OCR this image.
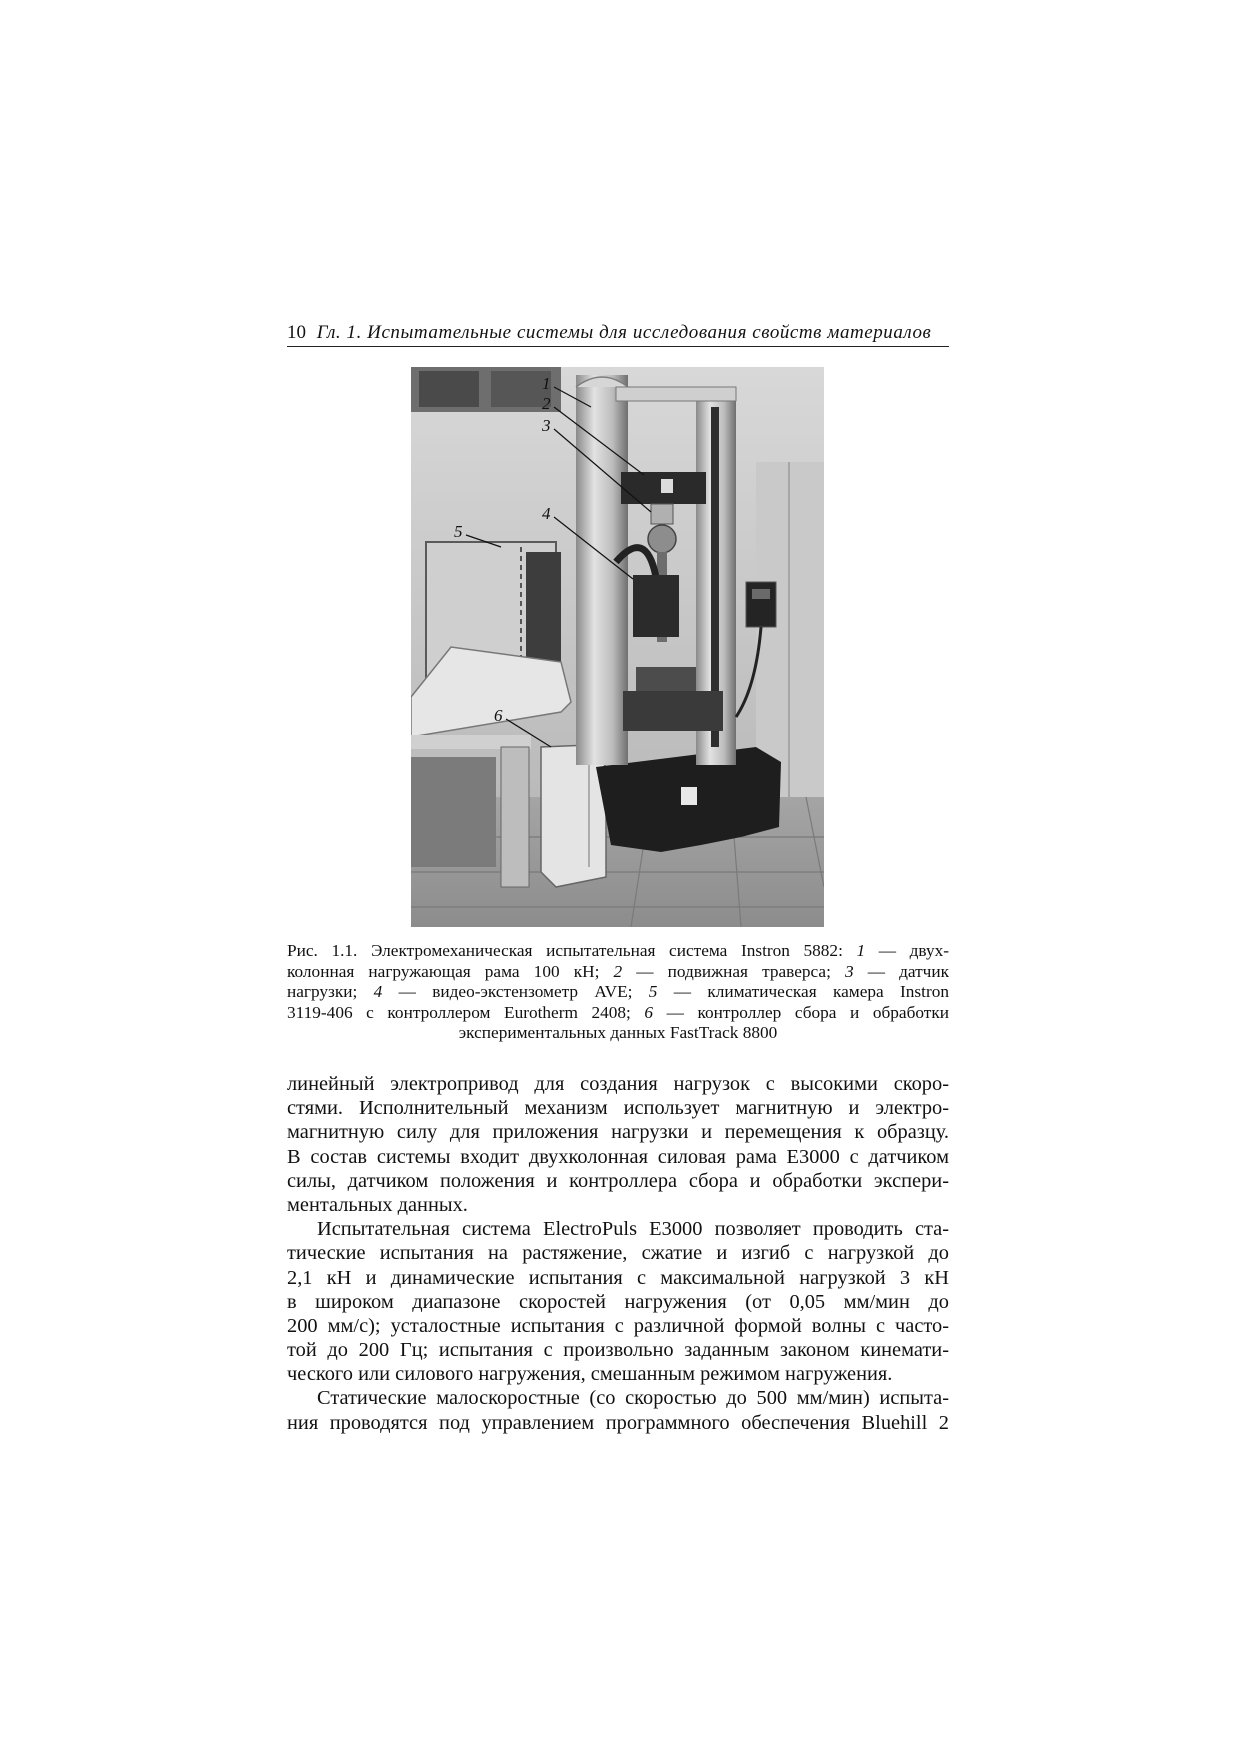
10 Гл. 1. Испытательные системы для исследования свойств материалов
1
2
3
4
5
6
Рис. 1.1. Электромеханическая испытательная система Instron 5882: 1 — двух-
колонная нагружающая рама 100 кН; 2 — подвижная траверса; 3 — датчик
нагрузки; 4 — видео-экстензометр AVE; 5 — климатическая камера Instron
3119-406 с контроллером Eurotherm 2408; 6 — контроллер сбора и обработки
экспериментальных данных FastTrack 8800
линейный электропривод для создания нагрузок с высокими скоро-
стями. Исполнительный механизм использует магнитную и электро-
магнитную силу для приложения нагрузки и перемещения к образцу.
В состав системы входит двухколонная силовая рама Е3000 с датчиком
силы, датчиком положения и контроллера сбора и обработки экспери-
ментальных данных.
Испытательная система ElectroPuls E3000 позволяет проводить ста-
тические испытания на растяжение, сжатие и изгиб с нагрузкой до
2,1 кН и динамические испытания с максимальной нагрузкой 3 кН
в широком диапазоне скоростей нагружения (от 0,05 мм/мин до
200 мм/с); усталостные испытания с различной формой волны с часто-
той до 200 Гц; испытания с произвольно заданным законом кинемати-
ческого или силового нагружения, смешанным режимом нагружения.
Статические малоскоростные (со скоростью до 500 мм/мин) испыта-
ния проводятся под управлением программного обеспечения Bluehill 2
